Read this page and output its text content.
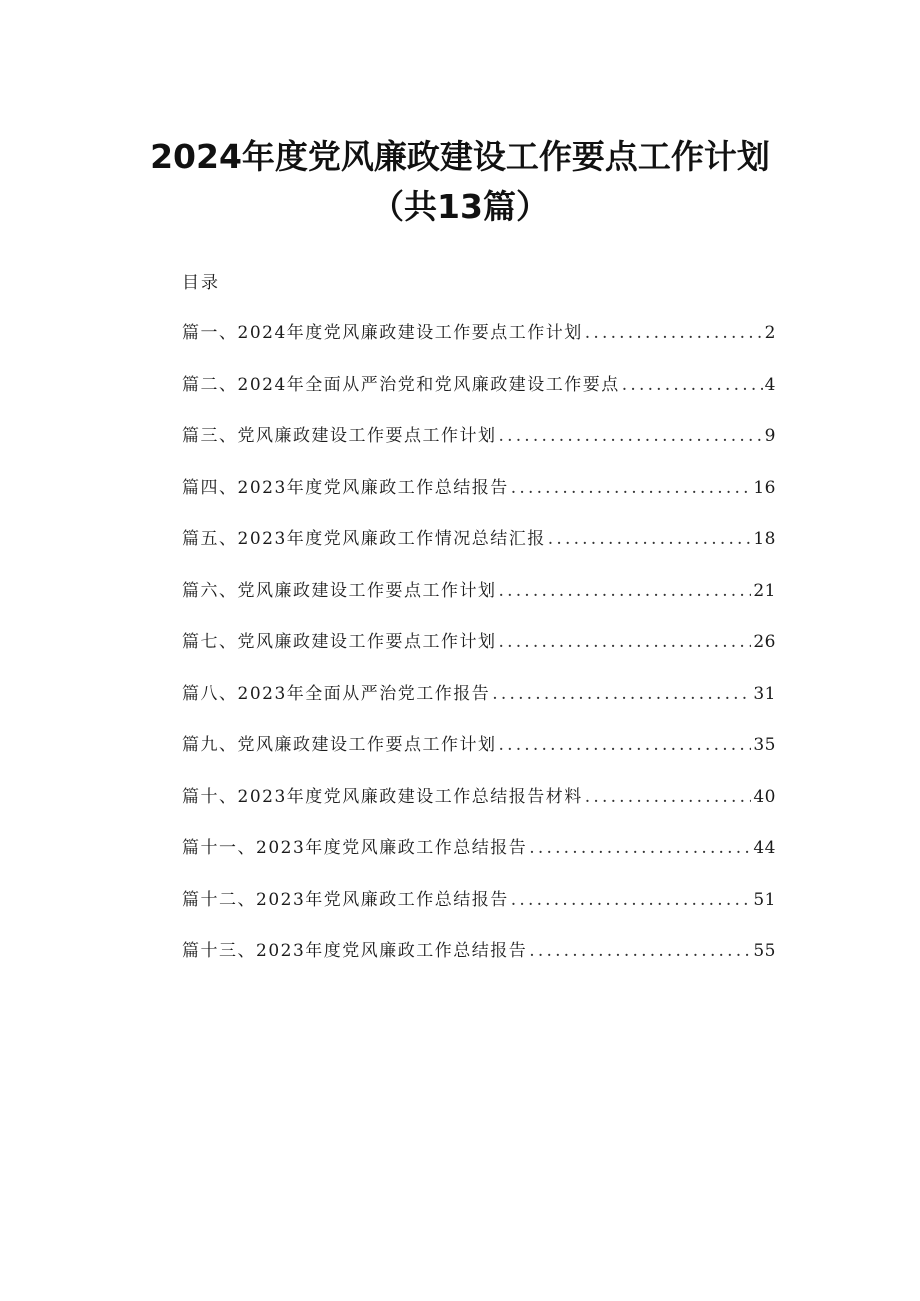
2024年度党风廉政建设工作要点工作计划
（共13篇）
目录
篇一、2024年度党风廉政建设工作要点工作计划 .....	2
篇二、2024年全面从严治党和党风廉政建设工作要点 .....	4
篇三、党风廉政建设工作要点工作计划 .....	9
篇四、2023年度党风廉政工作总结报告 .....	16
篇五、2023年度党风廉政工作情况总结汇报 .....	18
篇六、党风廉政建设工作要点工作计划 .....	21
篇七、党风廉政建设工作要点工作计划 .....	26
篇八、2023年全面从严治党工作报告 .....	31
篇九、党风廉政建设工作要点工作计划 .....	35
篇十、2023年度党风廉政建设工作总结报告材料 .....	40
篇十一、2023年度党风廉政工作总结报告 .....	44
篇十二、2023年党风廉政工作总结报告 .....	51
篇十三、2023年度党风廉政工作总结报告 .....	55
